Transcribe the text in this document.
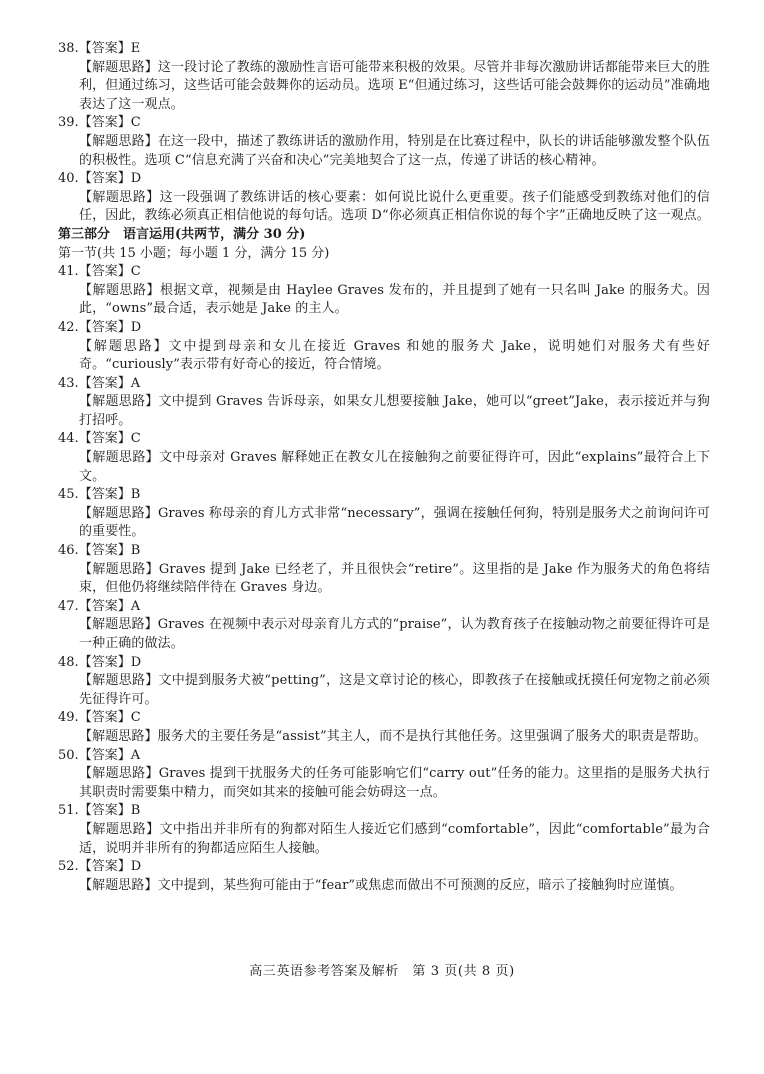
38.【答案】E
【解题思路】这一段讨论了教练的激励性言语可能带来积极的效果。尽管并非每次激励讲话都能带来巨大的胜利，但通过练习，这些话可能会鼓舞你的运动员。选项 E“但通过练习，这些话可能会鼓舞你的运动员”准确地表达了这一观点。
39.【答案】C
【解题思路】在这一段中，描述了教练讲话的激励作用，特别是在比赛过程中，队长的讲话能够激发整个队伍的积极性。选项 C“信息充满了兴奋和决心”完美地契合了这一点，传递了讲话的核心精神。
40.【答案】D
【解题思路】这一段强调了教练讲话的核心要素：如何说比说什么更重要。孩子们能感受到教练对他们的信任，因此，教练必须真正相信他说的每句话。选项 D“你必须真正相信你说的每个字”正确地反映了这一观点。
第三部分　语言运用(共两节，满分 30 分)
第一节(共 15 小题；每小题 1 分，满分 15 分)
41.【答案】C
【解题思路】根据文章，视频是由 Haylee Graves 发布的，并且提到了她有一只名叫 Jake 的服务犬。因此，“owns”最合适，表示她是 Jake 的主人。
42.【答案】D
【解题思路】文中提到母亲和女儿在接近 Graves 和她的服务犬 Jake，说明她们对服务犬有些好奇。“curiously”表示带有好奇心的接近，符合情境。
43.【答案】A
【解题思路】文中提到 Graves 告诉母亲，如果女儿想要接触 Jake，她可以“greet”Jake，表示接近并与狗打招呼。
44.【答案】C
【解题思路】文中母亲对 Graves 解释她正在教女儿在接触狗之前要征得许可，因此“explains”最符合上下文。
45.【答案】B
【解题思路】Graves 称母亲的育儿方式非常“necessary”，强调在接触任何狗，特别是服务犬之前询问许可的重要性。
46.【答案】B
【解题思路】Graves 提到 Jake 已经老了，并且很快会“retire”。这里指的是 Jake 作为服务犬的角色将结束，但他仍将继续陪伴待在 Graves 身边。
47.【答案】A
【解题思路】Graves 在视频中表示对母亲育儿方式的“praise”，认为教育孩子在接触动物之前要征得许可是一种正确的做法。
48.【答案】D
【解题思路】文中提到服务犬被“petting”，这是文章讨论的核心，即教孩子在接触或抚摸任何宠物之前必须先征得许可。
49.【答案】C
【解题思路】服务犬的主要任务是“assist”其主人，而不是执行其他任务。这里强调了服务犬的职责是帮助。
50.【答案】A
【解题思路】Graves 提到干扰服务犬的任务可能影响它们“carry out”任务的能力。这里指的是服务犬执行其职责时需要集中精力，而突如其来的接触可能会妨碍这一点。
51.【答案】B
【解题思路】文中指出并非所有的狗都对陌生人接近它们感到“comfortable”，因此“comfortable”最为合适，说明并非所有的狗都适应陌生人接触。
52.【答案】D
【解题思路】文中提到，某些狗可能由于“fear”或焦虑而做出不可预测的反应，暗示了接触狗时应谨慎。
高三英语参考答案及解析　第 3 页(共 8 页)
